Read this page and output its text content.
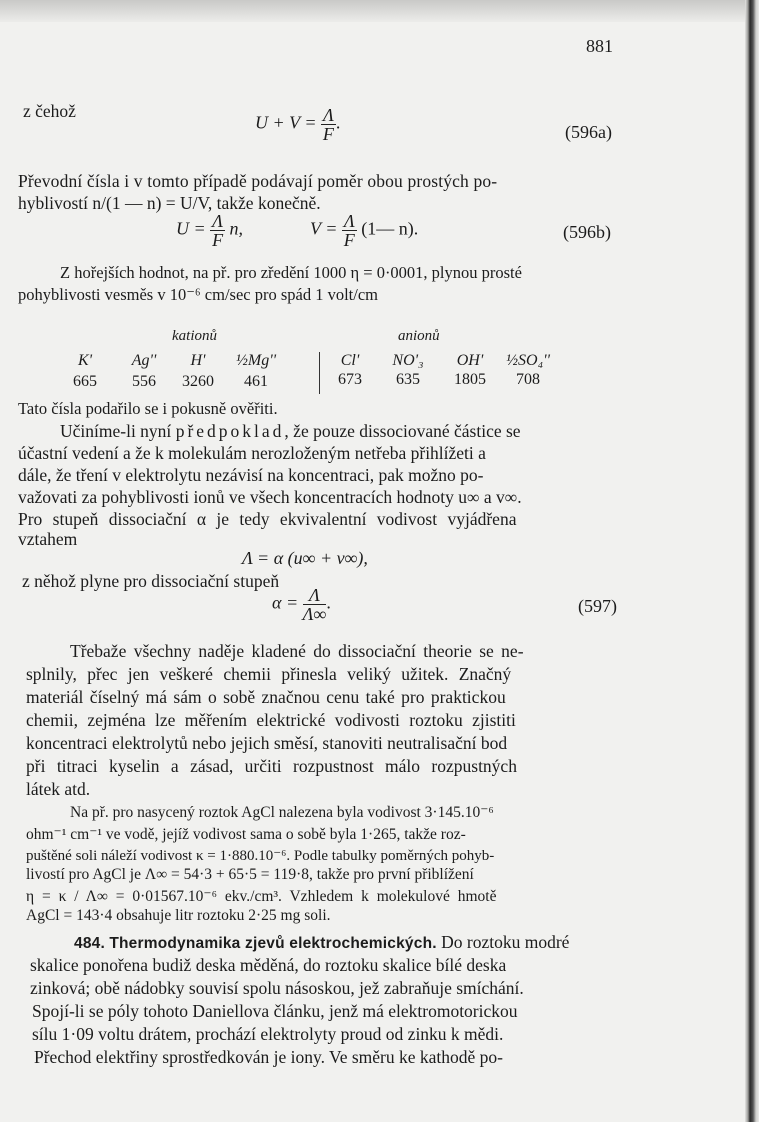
881
z čehož
$U + V = \frac{\Lambda}{F}$ .	(596a)
Převodní čísla i v tomto případě podávají poměr obou prostých po-
hyblivostí n/(1 — n) = U/V, takže konečně.
$U = \frac{\Lambda}{F} n$,	$V = \frac{\Lambda}{F}$ (1— n).	(596b)
Z hořejších hodnot, na př. pro zředění 1000 η = 0·0001, plynou prosté
pohyblivosti vesměs v 10⁻⁶ cm/sec pro spád 1 volt/cm
kationů	anionů
K'	Ag''	H'	½Mg''
665	556	3260	461
Cl'	NO'₃	OH'	½SO₄''
673	635	1805	708
Tato čísla podařilo se i pokusně ověřiti.
Učiníme-li nyní předpoklad, že pouze dissociované částice se
účastní vedení a že k molekulám nerozloženým netřeba přihlížeti a
dále, že tření v elektrolytu nezávisí na koncentraci, pak možno po-
važovati za pohyblivosti ionů ve všech koncentracích hodnoty u∞ a v∞.
Pro stupeň dissociační α je tedy ekvivalentní vodivost vyjádřena
vztahem
Λ = α (u∞ + v∞),
z něhož plyne pro dissociační stupeň
$\alpha = \frac{\Lambda}{\Lambda\infty}$ .	(597)
Třebaže všechny naděje kladené do dissociační theorie se ne-
splnily, přec jen veškeré chemii přinesla veliký užitek. Značný
materiál číselný má sám o sobě značnou cenu také pro praktickou
chemii, zejména lze měřením elektrické vodivosti roztoku zjistiti
koncentraci elektrolytů nebo jejich směsí, stanoviti neutralisační bod
při titraci kyselin a zásad, určiti rozpustnost málo rozpustných
látek atd.
Na př. pro nasycený roztok AgCl nalezena byla vodivost 3·145.10⁻⁶
ohm⁻¹ cm⁻¹ ve vodě, jejíž vodivost sama o sobě byla 1·265, takže roz-
puštěné soli náleží vodivost κ = 1·880.10⁻⁶. Podle tabulky poměrných pohyb-
livostí pro AgCl je Λ∞ = 54·3 + 65·5 = 119·8, takže pro první přiblížení
η = κ / Λ∞ = 0·01567.10⁻⁶ ekv./cm³. Vzhledem k molekulové hmotě
AgCl = 143·4 obsahuje litr roztoku 2·25 mg soli.
484. Thermodynamika zjevů elektrochemických. Do roztoku modré
skalice ponořena budiž deska měděná, do roztoku skalice bílé deska
zinková; obě nádobky souvisí spolu násoskou, jež zabraňuje smíchání.
Spojí-li se póly tohoto Daniellova článku, jenž má elektromotorickou
sílu 1·09 voltu drátem, prochází elektrolyty proud od zinku k mědi.
Přechod elektřiny sprostředkován je iony. Ve směru ke kathodě po-
